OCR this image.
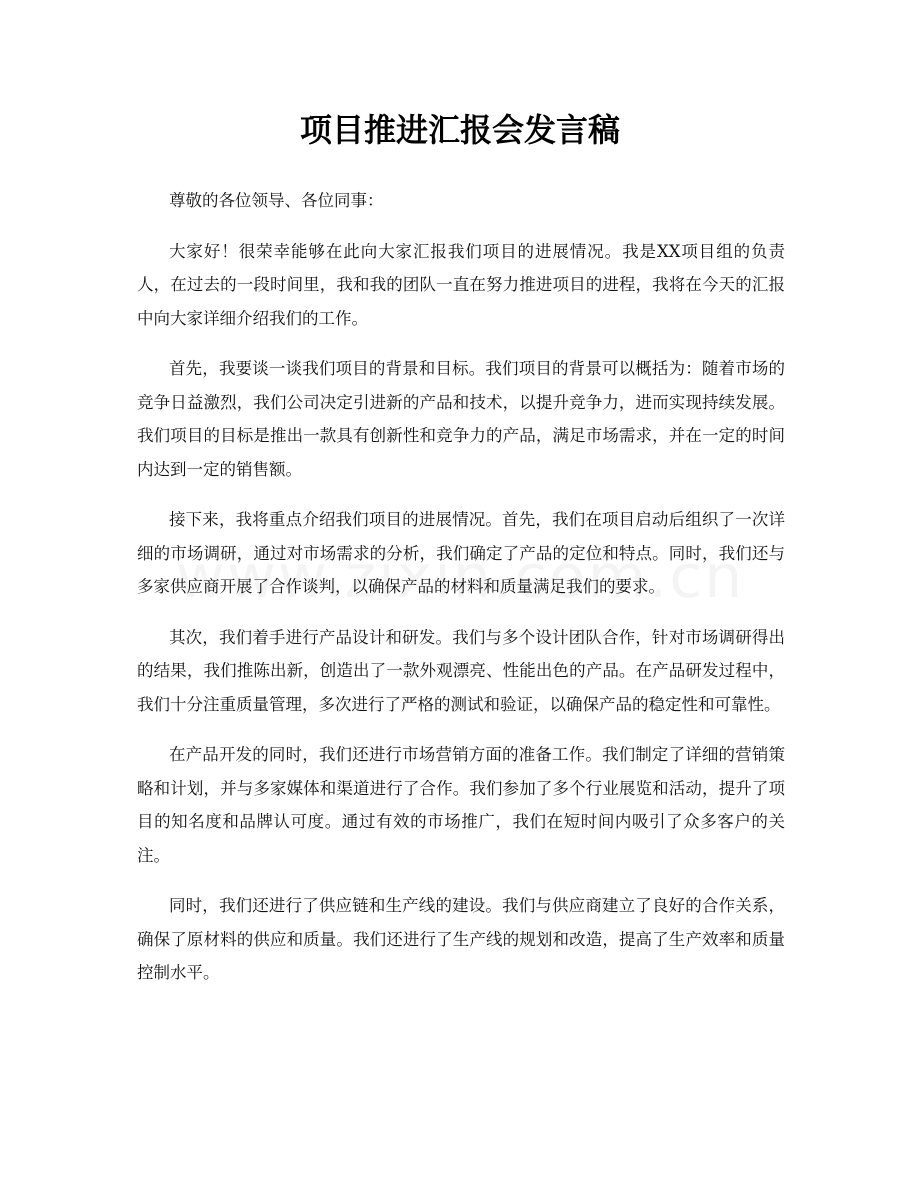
项目推进汇报会发言稿

尊敬的各位领导、各位同事：

大家好！很荣幸能够在此向大家汇报我们项目的进展情况。我是XX项目组的负责人，在过去的一段时间里，我和我的团队一直在努力推进项目的进程，我将在今天的汇报中向大家详细介绍我们的工作。

首先，我要谈一谈我们项目的背景和目标。我们项目的背景可以概括为：随着市场的竞争日益激烈，我们公司决定引进新的产品和技术，以提升竞争力，进而实现持续发展。我们项目的目标是推出一款具有创新性和竞争力的产品，满足市场需求，并在一定的时间内达到一定的销售额。

接下来，我将重点介绍我们项目的进展情况。首先，我们在项目启动后组织了一次详细的市场调研，通过对市场需求的分析，我们确定了产品的定位和特点。同时，我们还与多家供应商开展了合作谈判，以确保产品的材料和质量满足我们的要求。

其次，我们着手进行产品设计和研发。我们与多个设计团队合作，针对市场调研得出的结果，我们推陈出新，创造出了一款外观漂亮、性能出色的产品。在产品研发过程中，我们十分注重质量管理，多次进行了严格的测试和验证，以确保产品的稳定性和可靠性。

在产品开发的同时，我们还进行市场营销方面的准备工作。我们制定了详细的营销策略和计划，并与多家媒体和渠道进行了合作。我们参加了多个行业展览和活动，提升了项目的知名度和品牌认可度。通过有效的市场推广，我们在短时间内吸引了众多客户的关注。

同时，我们还进行了供应链和生产线的建设。我们与供应商建立了良好的合作关系，确保了原材料的供应和质量。我们还进行了生产线的规划和改造，提高了生产效率和质量控制水平。
